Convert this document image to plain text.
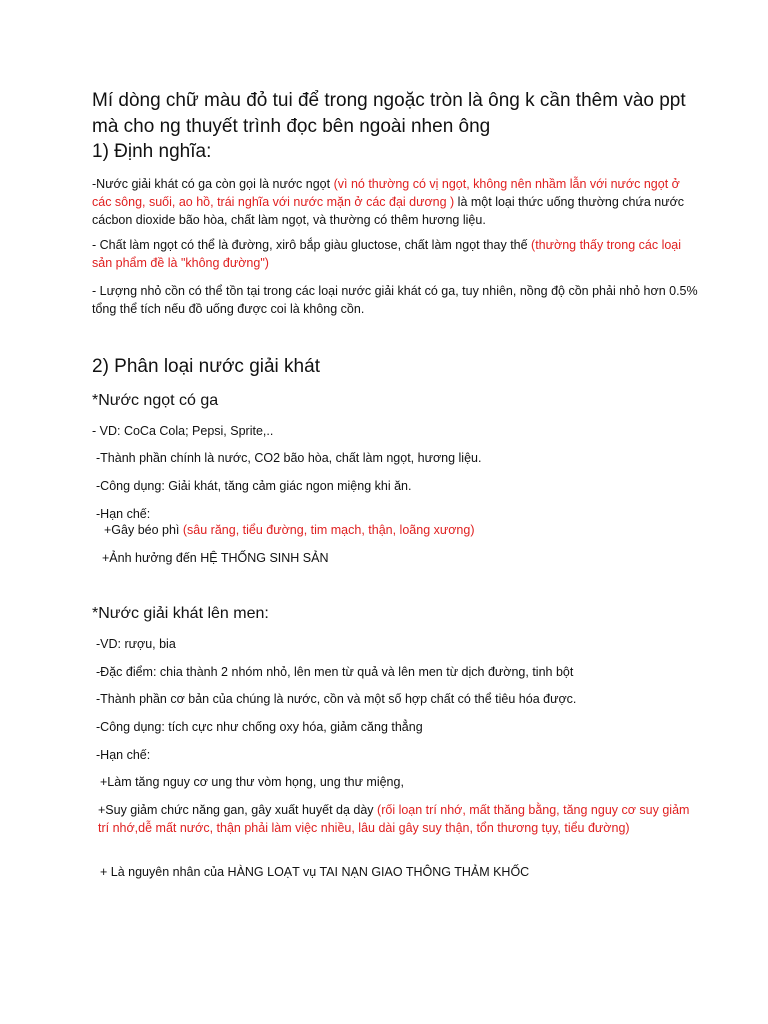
Mí dòng chữ màu đỏ tui để trong ngoặc tròn là ông k cần thêm vào ppt mà cho ng thuyết trình đọc bên ngoài nhen ông

1) Định nghĩa:

-Nước giải khát có ga còn gọi là nước ngọt (vì nó thường có vị ngọt, không nên nhầm lẫn với nước ngọt ở các sông, suối, ao hồ, trái nghĩa với nước mặn ở các đại dương ) là một loại thức uống thường chứa nước cácbon dioxide bão hòa, chất làm ngọt, và thường có thêm hương liệu.

- Chất làm ngọt có thể là đường, xirô bắp giàu gluctose, chất làm ngọt thay thế (thường thấy trong các loại sản phẩm đề là "không đường")

- Lượng nhỏ cồn có thể tồn tại trong các loại nước giải khát có ga, tuy nhiên, nồng độ cồn phải nhỏ hơn 0.5% tổng thể tích nếu đồ uống được coi là không cồn.

2) Phân loại nước giải khát

*Nước ngọt có ga

- VD: CoCa Cola; Pepsi, Sprite,..

-Thành phần chính là nước, CO2 bão hòa, chất làm ngọt, hương liệu.

-Công dụng: Giải khát, tăng cảm giác ngon miệng khi ăn.

-Hạn chế:

+Gây béo phì (sâu răng, tiểu đường, tim mạch, thận, loãng xương)

+Ảnh hưởng đến HỆ THỐNG SINH SẢN

*Nước giải khát lên men:

-VD: rượu, bia

-Đặc điểm: chia thành 2 nhóm nhỏ, lên men từ quả và lên men từ dịch đường, tinh bột

-Thành phần cơ bản của chúng là nước, cồn và một số hợp chất có thể tiêu hóa được.

-Công dụng: tích cực như chống oxy hóa, giảm căng thẳng

-Hạn chế:

+Làm tăng nguy cơ ung thư vòm họng, ung thư miệng,

+Suy giảm chức năng gan, gây xuất huyết dạ dày (rối loạn trí nhớ, mất thăng bằng, tăng nguy cơ suy giảm trí nhớ,dễ mất nước, thận phải làm việc nhiều, lâu dài gây suy thận, tổn thương tụy, tiểu đường)

+ Là nguyên nhân của HÀNG LOẠT vụ TAI NẠN GIAO THÔNG THẢM KHỐC
